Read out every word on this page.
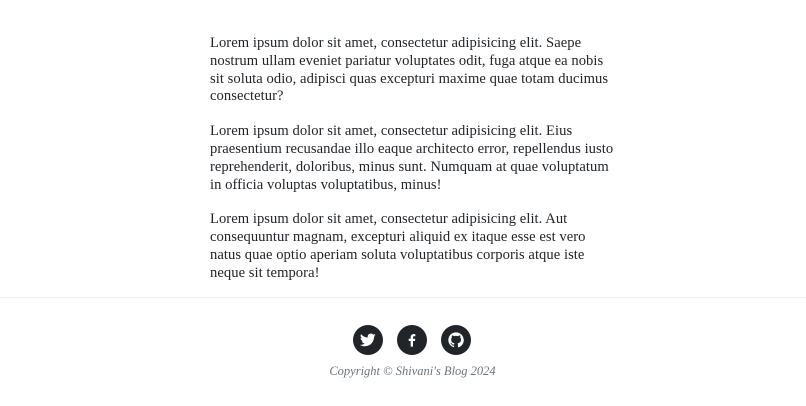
Lorem ipsum dolor sit amet, consectetur adipisicing elit. Saepe nostrum ullam eveniet pariatur voluptates odit, fuga atque ea nobis sit soluta odio, adipisci quas excepturi maxime quae totam ducimus consectetur?

Lorem ipsum dolor sit amet, consectetur adipisicing elit. Eius praesentium recusandae illo eaque architecto error, repellendus iusto reprehenderit, doloribus, minus sunt. Numquam at quae voluptatum in officia voluptas voluptatibus, minus!

Lorem ipsum dolor sit amet, consectetur adipisicing elit. Aut consequuntur magnam, excepturi aliquid ex itaque esse est vero natus quae optio aperiam soluta voluptatibus corporis atque iste neque sit tempora!

Copyright © Shivani's Blog 2024
